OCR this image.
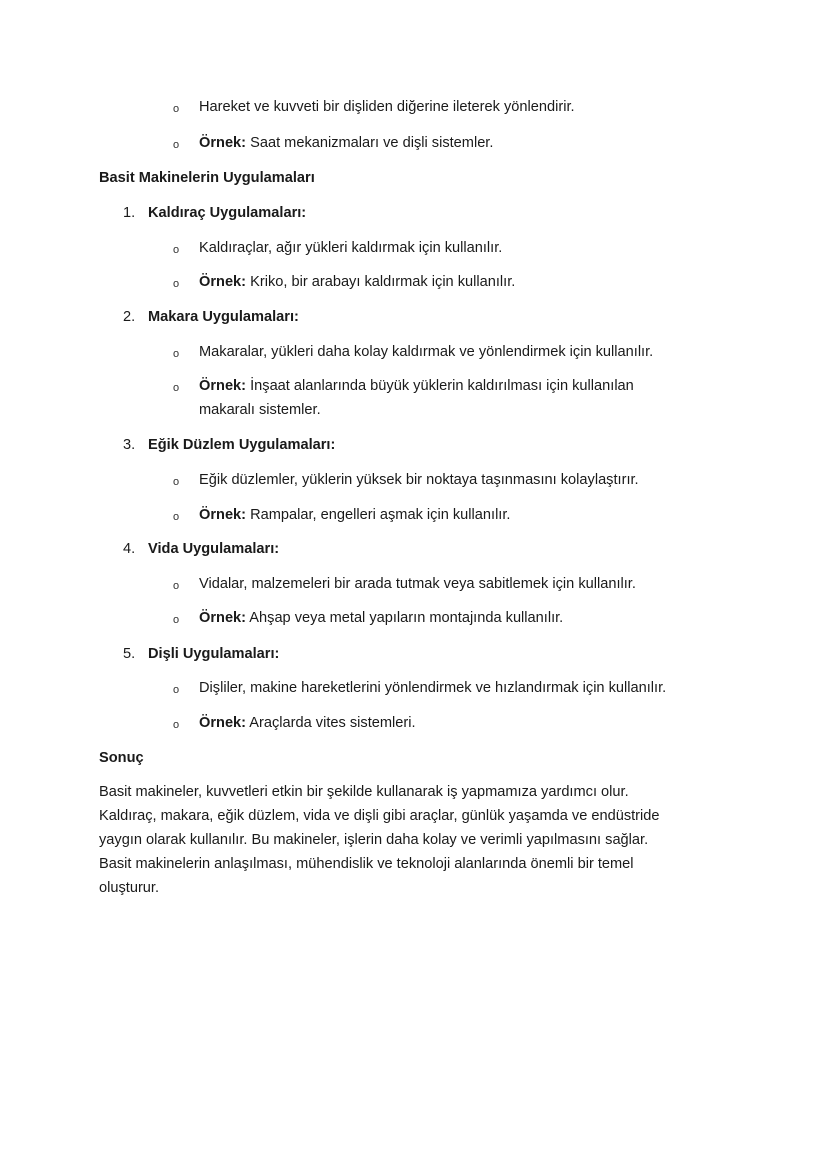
o Hareket ve kuvveti bir dişliden diğerine ileterek yönlendirir.
o Örnek: Saat mekanizmaları ve dişli sistemler.
Basit Makinelerin Uygulamaları
1. Kaldıraç Uygulamaları:
o Kaldıraçlar, ağır yükleri kaldırmak için kullanılır.
o Örnek: Kriko, bir arabayı kaldırmak için kullanılır.
2. Makara Uygulamaları:
o Makaralar, yükleri daha kolay kaldırmak ve yönlendirmek için kullanılır.
o Örnek: İnşaat alanlarında büyük yüklerin kaldırılması için kullanılan
makaralı sistemler.
3. Eğik Düzlem Uygulamaları:
o Eğik düzlemler, yüklerin yüksek bir noktaya taşınmasını kolaylaştırır.
o Örnek: Rampalar, engelleri aşmak için kullanılır.
4. Vida Uygulamaları:
o Vidalar, malzemeleri bir arada tutmak veya sabitlemek için kullanılır.
o Örnek: Ahşap veya metal yapıların montajında kullanılır.
5. Dişli Uygulamaları:
o Dişliler, makine hareketlerini yönlendirmek ve hızlandırmak için kullanılır.
o Örnek: Araçlarda vites sistemleri.
Sonuç
Basit makineler, kuvvetleri etkin bir şekilde kullanarak iş yapmamıza yardımcı olur.
Kaldıraç, makara, eğik düzlem, vida ve dişli gibi araçlar, günlük yaşamda ve endüstride
yaygın olarak kullanılır. Bu makineler, işlerin daha kolay ve verimli yapılmasını sağlar.
Basit makinelerin anlaşılması, mühendislik ve teknoloji alanlarında önemli bir temel
oluşturur.
